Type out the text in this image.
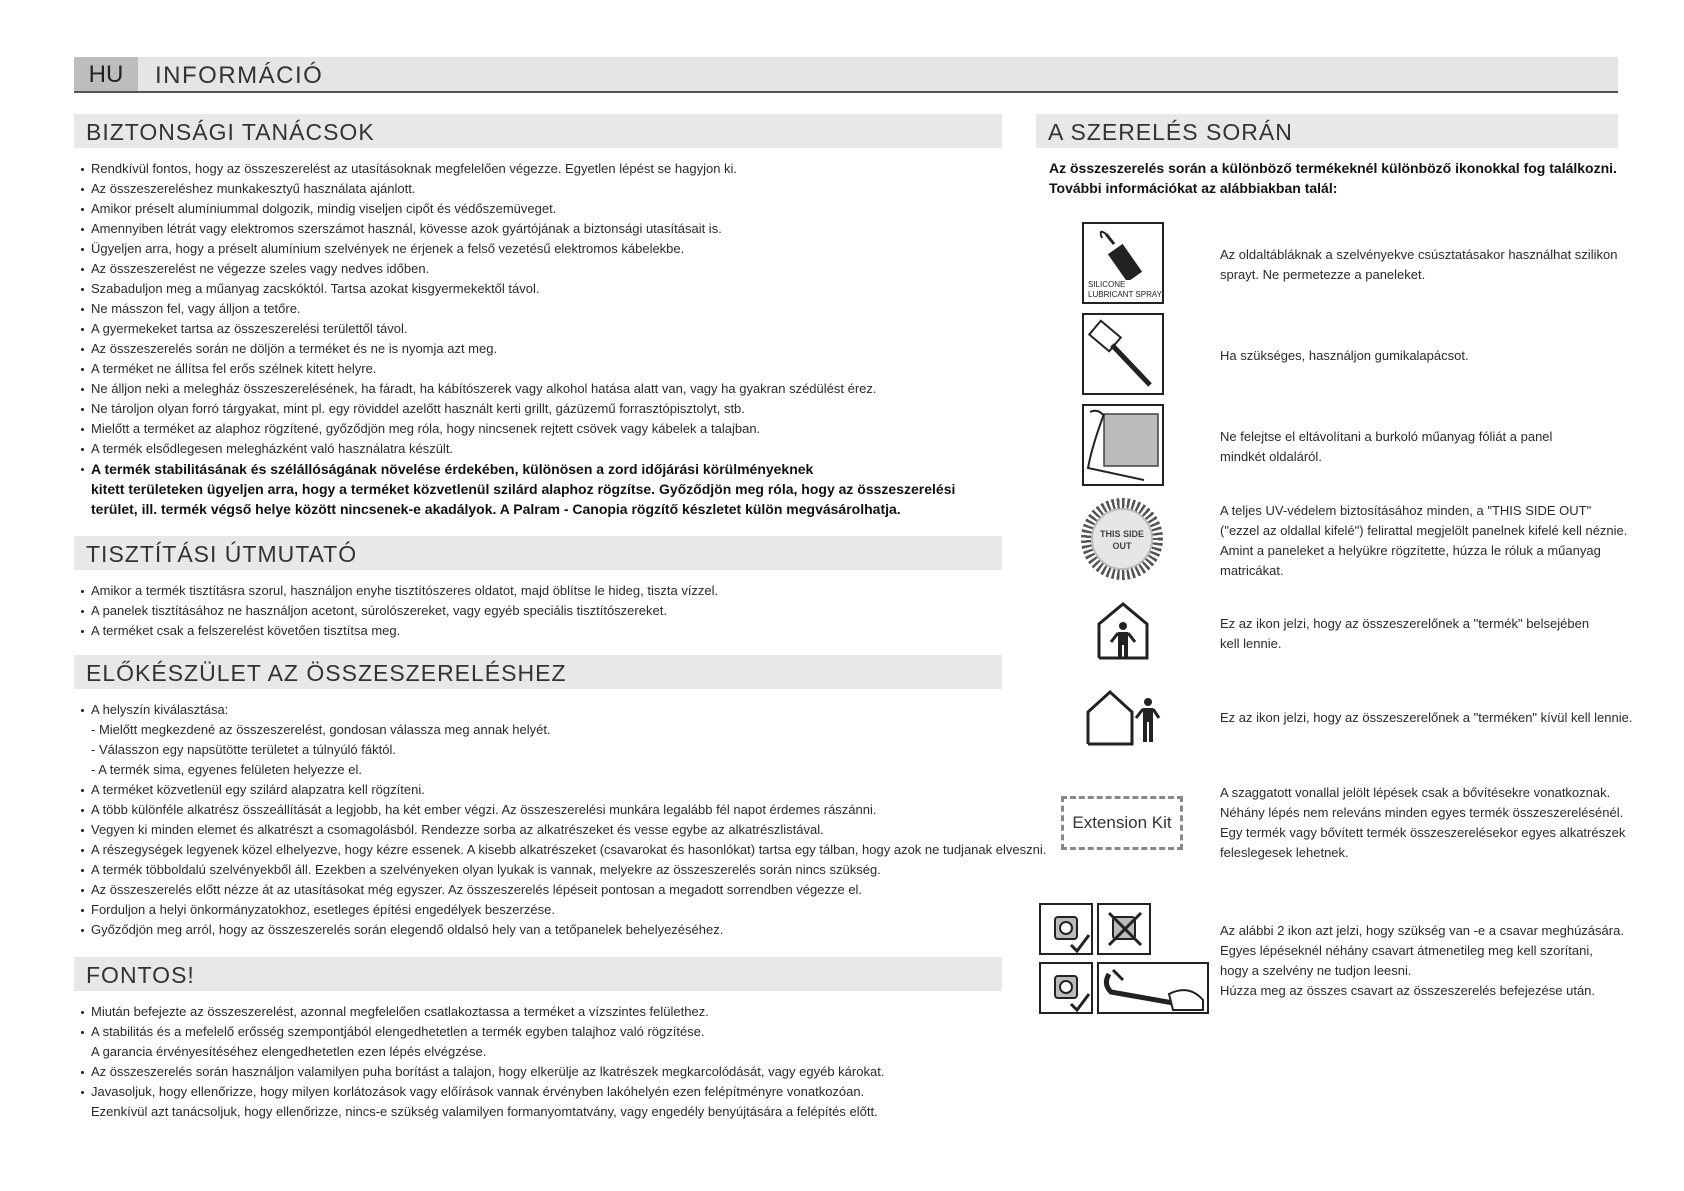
HU	INFORMÁCIÓ
BIZTONSÁGI TANÁCSOK
Rendkívül fontos, hogy az összeszerelést az utasításoknak megfelelően végezze. Egyetlen lépést se hagyjon ki.
Az összeszereléshez munkakesztyű használata ajánlott.
Amikor préselt alumíniummal dolgozik, mindig viseljen cipőt és védőszemüveget.
Amennyiben létrát vagy elektromos szerszámot használ, kövesse azok gyártójának a biztonsági utasításait is.
Ügyeljen arra, hogy a préselt alumínium szelvények ne érjenek a felső vezetésű elektromos kábelekbe.
Az összeszerelést ne végezze szeles vagy nedves időben.
Szabaduljon meg a műanyag zacskóktól. Tartsa azokat kisgyermekektől távol.
Ne másszon fel, vagy álljon a tetőre.
A gyermekeket tartsa az összeszerelési területtől távol.
Az összeszerelés során ne döljön a terméket és ne is nyomja azt meg.
A terméket ne állítsa fel erős szélnek kitett helyre.
Ne álljon neki a melegház összeszerelésének, ha fáradt, ha kábítószerek vagy alkohol hatása alatt van, vagy ha gyakran szédülést érez.
Ne tároljon olyan forró tárgyakat, mint pl. egy röviddel azelőtt használt kerti grillt, gázüzemű forrasztópisztolyt, stb.
Mielőtt a terméket az alaphoz rögzítené, győződjön meg róla, hogy nincsenek rejtett csövek vagy kábelek a talajban.
A termék elsődlegesen melegházként való használatra készült.
A termék stabilitásának és szélállóságának növelése érdekében, különösen a zord időjárási körülményeknek
kitett területeken ügyeljen arra, hogy a terméket közvetlenül szilárd alaphoz rögzítse. Győződjön meg róla, hogy az összeszerelési
terület, ill. termék végső helye között nincsenek-e akadályok. A Palram - Canopia rögzítő készletet külön megvásárolhatja.
TISZTÍTÁSI ÚTMUTATÓ
Amikor a termék tisztításra szorul, használjon enyhe tisztítószeres oldatot, majd öblítse le hideg, tiszta vízzel.
A panelek tisztításához ne használjon acetont, súrolószereket, vagy egyéb speciális tisztítószereket.
A terméket csak a felszerelést követően tisztítsa meg.
ELŐKÉSZÜLET AZ ÖSSZESZERELÉSHEZ
A helyszín kiválasztása:
- Mielőtt megkezdené az összeszerelést, gondosan válassza meg annak helyét.
- Válasszon egy napsütötte területet a túlnyúló fáktól.
- A termék sima, egyenes felületen helyezze el.
A terméket közvetlenül egy szilárd alapzatra kell rögzíteni.
A több különféle alkatrész összeállítását a legjobb, ha két ember végzi. Az összeszerelési munkára legalább fél napot érdemes rászánni.
Vegyen ki minden elemet és alkatrészt a csomagolásból. Rendezze sorba az alkatrészeket és vesse egybe az alkatrészlistával.
A részegységek legyenek közel elhelyezve, hogy kézre essenek. A kisebb alkatrészeket (csavarokat és hasonlókat) tartsa egy tálban, hogy azok ne tudjanak elveszni.
A termék többoldalú szelvényekből áll. Ezekben a szelvényeken olyan lyukak is vannak, melyekre az összeszerelés során nincs szükség.
Az összeszerelés előtt nézze át az utasításokat még egyszer. Az összeszerelés lépéseit pontosan a megadott sorrendben végezze el.
Forduljon a helyi önkormányzatokhoz, esetleges építési engedélyek beszerzése.
Győződjön meg arról, hogy az összeszerelés során elegendő oldalsó hely van a tetőpanelek behelyezéséhez.
FONTOS!
Miután befejezte az összeszerelést, azonnal megfelelően csatlakoztassa a terméket a vízszintes felülethez.
A stabilitás és a mefelelő erősség szempontjából elengedhetetlen a termék egyben talajhoz való rögzítése.
A garancia érvényesítéséhez elengedhetetlen ezen lépés elvégzése.
Az összeszerelés során használjon valamilyen puha borítást a talajon, hogy elkerülje az lkatrészek megkarcolódását, vagy egyéb károkat.
Javasoljuk, hogy ellenőrizze, hogy milyen korlátozások vagy előírások vannak érvényben lakóhelyén ezen felépítményre vonatkozóan.
Ezenkívül azt tanácsoljuk, hogy ellenőrizze, nincs-e szükség valamilyen formanyomtatvány, vagy engedély benyújtására a felépítés előtt.
A SZERELÉS SORÁN
Az összeszerelés során a különböző termékeknél különböző ikonokkal fog találkozni.
További információkat az alábbiakban talál:
SILICONE LUBRICANT SPRAY
Az oldaltábláknak a szelvényekve csúsztatásakor használhat szilikon
sprayt. Ne permetezze a paneleket.
Ha szükséges, használjon gumikalapácsot.
Ne felejtse el eltávolítani a burkoló műanyag fóliát a panel
mindkét oldaláról.
THIS SIDE OUT
A teljes UV-védelem biztosításához minden, a "THIS SIDE OUT"
("ezzel az oldallal kifelé") felirattal megjelölt panelnek kifelé kell néznie.
Amint a paneleket a helyükre rögzítette, húzza le róluk a műanyag
matricákat.
Ez az ikon jelzi, hogy az összeszerelőnek a "termék" belsejében
kell lennie.
Ez az ikon jelzi, hogy az összeszerelőnek a "terméken" kívül kell lennie.
Extension Kit
A szaggatott vonallal jelölt lépések csak a bővítésekre vonatkoznak.
Néhány lépés nem releváns minden egyes termék összeszerelésénél.
Egy termék vagy bővített termék összeszerelésekor egyes alkatrészek
feleslegesek lehetnek.
Az alábbi 2 ikon azt jelzi, hogy szükség van -e a csavar meghúzására.
Egyes lépéseknél néhány csavart átmenetileg meg kell szorítani,
hogy a szelvény ne tudjon leesni.
Húzza meg az összes csavart az összeszerelés befejezése után.
